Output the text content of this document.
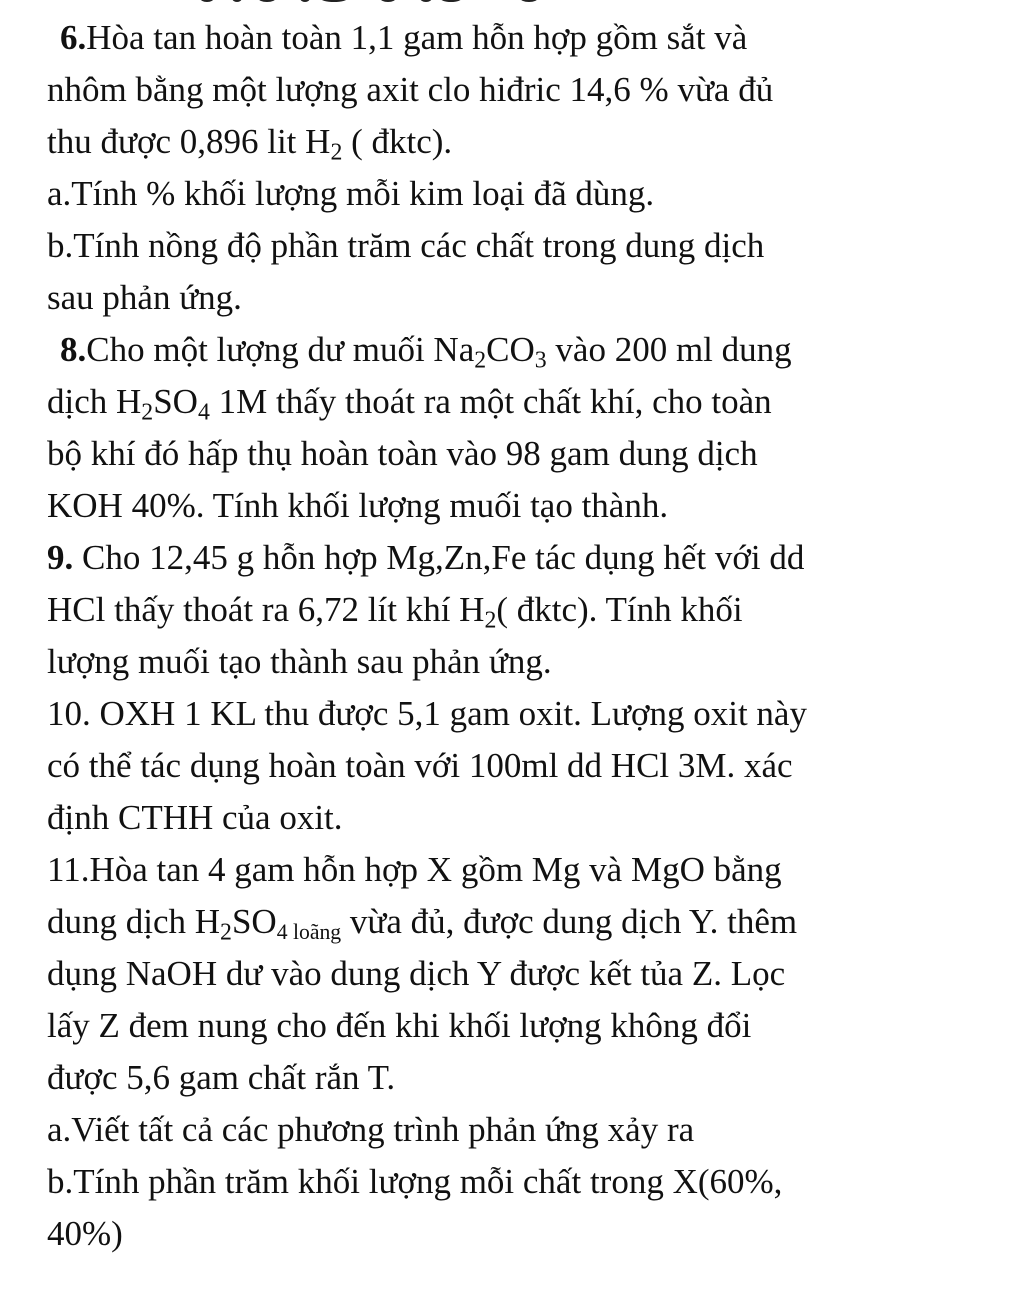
6.Hòa tan hoàn toàn 1,1 gam hỗn hợp gồm sắt và
nhôm bằng một lượng axit clo hiđric 14,6 % vừa đủ
thu được 0,896 lit $H_2$ ( đktc).
a.Tính % khối lượng mỗi kim loại đã dùng.
b.Tính nồng độ phần trăm các chất trong dung dịch
sau phản ứng.
8.Cho một lượng dư muối $Na_2CO_3$ vào 200 ml dung
dịch $H_2SO_4$ 1M thấy thoát ra một chất khí, cho toàn
bộ khí đó hấp thụ hoàn toàn vào 98 gam dung dịch
KOH 40%. Tính khối lượng muối tạo thành.
9. Cho 12,45 g hỗn hợp Mg,Zn,Fe tác dụng hết với dd
HCl thấy thoát ra 6,72 lít khí $H_2$( đktc). Tính khối
lượng muối tạo thành sau phản ứng.
10. OXH 1 KL thu được 5,1 gam oxit. Lượng oxit này
có thể tác dụng hoàn toàn với 100ml dd HCl 3M. xác
định CTHH của oxit.
11.Hòa tan 4 gam hỗn hợp X gồm Mg và MgO bằng
dung dịch $H_2SO_{4 loãng}$ vừa đủ, được dung dịch Y. thêm
dụng NaOH dư vào dung dịch Y được kết tủa Z. Lọc
lấy Z đem nung cho đến khi khối lượng không đổi
được 5,6 gam chất rắn T.
a.Viết tất cả các phương trình phản ứng xảy ra
b.Tính phần trăm khối lượng mỗi chất trong X(60%,
40%)
